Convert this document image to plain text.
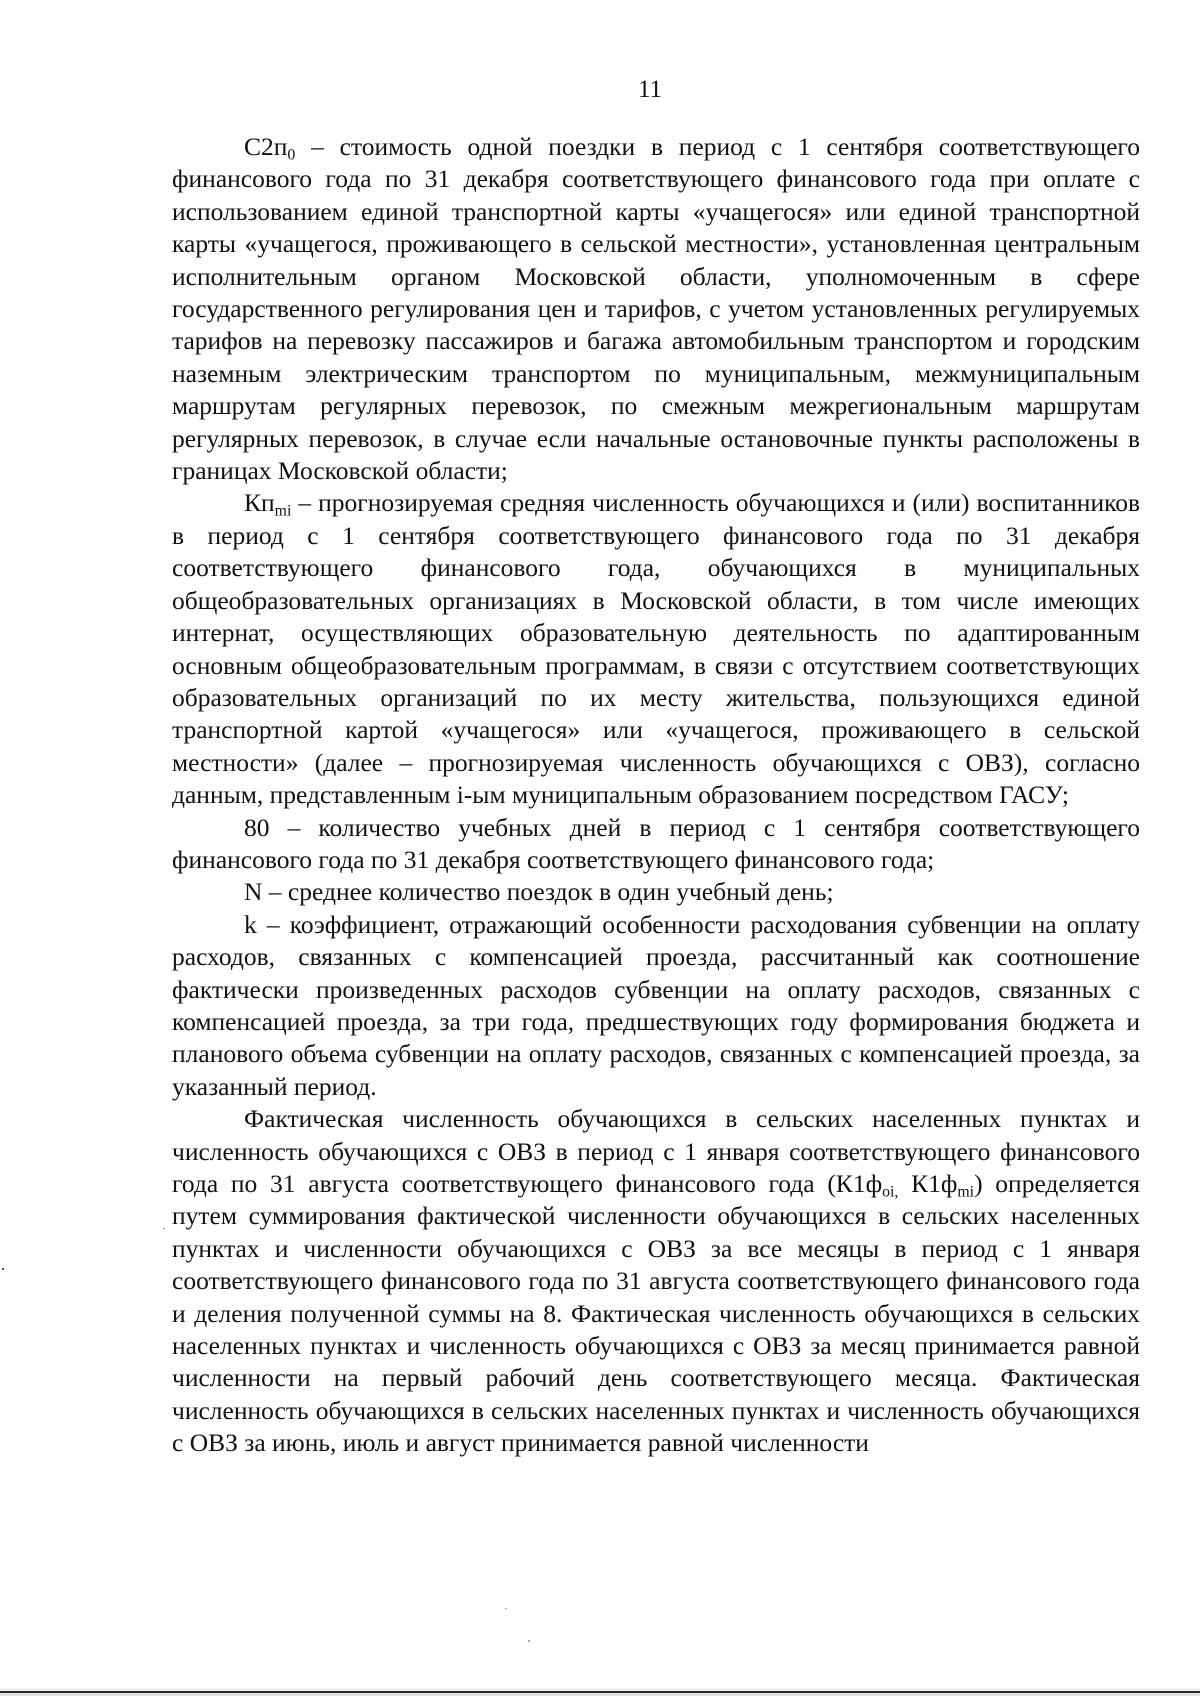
11

$С2п_0$ – стоимость одной поездки в период с 1 сентября соответствующего финансового года по 31 декабря соответствующего финансового года при оплате с использованием единой транспортной карты «учащегося» или единой транспортной карты «учащегося, проживающего в сельской местности», установленная центральным исполнительным органом Московской области, уполномоченным в сфере государственного регулирования цен и тарифов, с учетом установленных регулируемых тарифов на перевозку пассажиров и багажа автомобильным транспортом и городским наземным электрическим транспортом по муниципальным, межмуниципальным маршрутам регулярных перевозок, по смежным межрегиональным маршрутам регулярных перевозок, в случае если начальные остановочные пункты расположены в границах Московской области;

$Кп_{mi}$ – прогнозируемая средняя численность обучающихся и (или) воспитанников в период с 1 сентября соответствующего финансового года по 31 декабря соответствующего финансового года, обучающихся в муниципальных общеобразовательных организациях в Московской области, в том числе имеющих интернат, осуществляющих образовательную деятельность по адаптированным основным общеобразовательным программам, в связи с отсутствием соответствующих образовательных организаций по их месту жительства, пользующихся единой транспортной картой «учащегося» или «учащегося, проживающего в сельской местности» (далее – прогнозируемая численность обучающихся с ОВЗ), согласно данным, представленным i-ым муниципальным образованием посредством ГАСУ;

80 – количество учебных дней в период с 1 сентября соответствующего финансового года по 31 декабря соответствующего финансового года;

N – среднее количество поездок в один учебный день;

k – коэффициент, отражающий особенности расходования субвенции на оплату расходов, связанных с компенсацией проезда, рассчитанный как соотношение фактически произведенных расходов субвенции на оплату расходов, связанных с компенсацией проезда, за три года, предшествующих году формирования бюджета и планового объема субвенции на оплату расходов, связанных с компенсацией проезда, за указанный период.

Фактическая численность обучающихся в сельских населенных пунктах и численность обучающихся с ОВЗ в период с 1 января соответствующего финансового года по 31 августа соответствующего финансового года ($К1ф_{oi,}$ $К1ф_{mi}$) определяется путем суммирования фактической численности обучающихся в сельских населенных пунктах и численности обучающихся с ОВЗ за все месяцы в период с 1 января соответствующего финансового года по 31 августа соответствующего финансового года и деления полученной суммы на 8. Фактическая численность обучающихся в сельских населенных пунктах и численность обучающихся с ОВЗ за месяц принимается равной численности на первый рабочий день соответствующего месяца. Фактическая численность обучающихся в сельских населенных пунктах и численность обучающихся с ОВЗ за июнь, июль и август принимается равной численности
